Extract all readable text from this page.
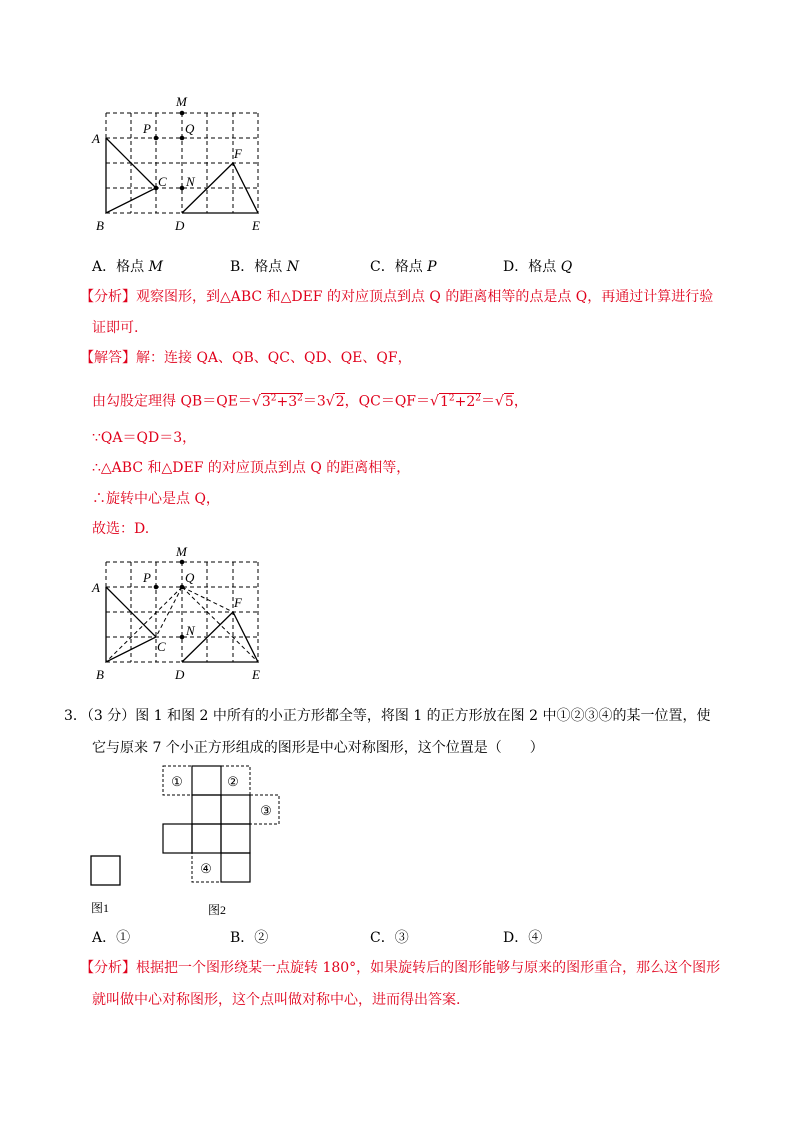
M
A
P	Q
F
C N
B	D	E
A．格点 M	B．格点 N	C．格点 P	D．格点 Q
【分析】观察图形，到△ABC 和△DEF 的对应顶点到点 Q 的距离相等的点是点 Q，再通过计算进行验
证即可.
【解答】解：连接 QA、QB、QC、QD、QE、QF，
由勾股定理得 $QB=QE=√3^2+3^2=3√2$，$QC=QF=√1^2+2^2=√5$，
∵QA＝QD＝3，
∴△ABC 和△DEF 的对应顶点到点 Q 的距离相等，
∴旋转中心是点 Q，
故选：D.
M
A
P	Q
F
C
N
B	D	E
3．（3 分）图 1 和图 2 中所有的小正方形都全等，将图 1 的正方形放在图 2 中①②③④的某一位置，使
它与原来 7 个小正方形组成的图形是中心对称图形，这个位置是（　　）
①	②
③
④
图1	图2
A．①	B．②	C．③	D．④
【分析】根据把一个图形绕某一点旋转 180°，如果旋转后的图形能够与原来的图形重合，那么这个图形
就叫做中心对称图形，这个点叫做对称中心，进而得出答案.
